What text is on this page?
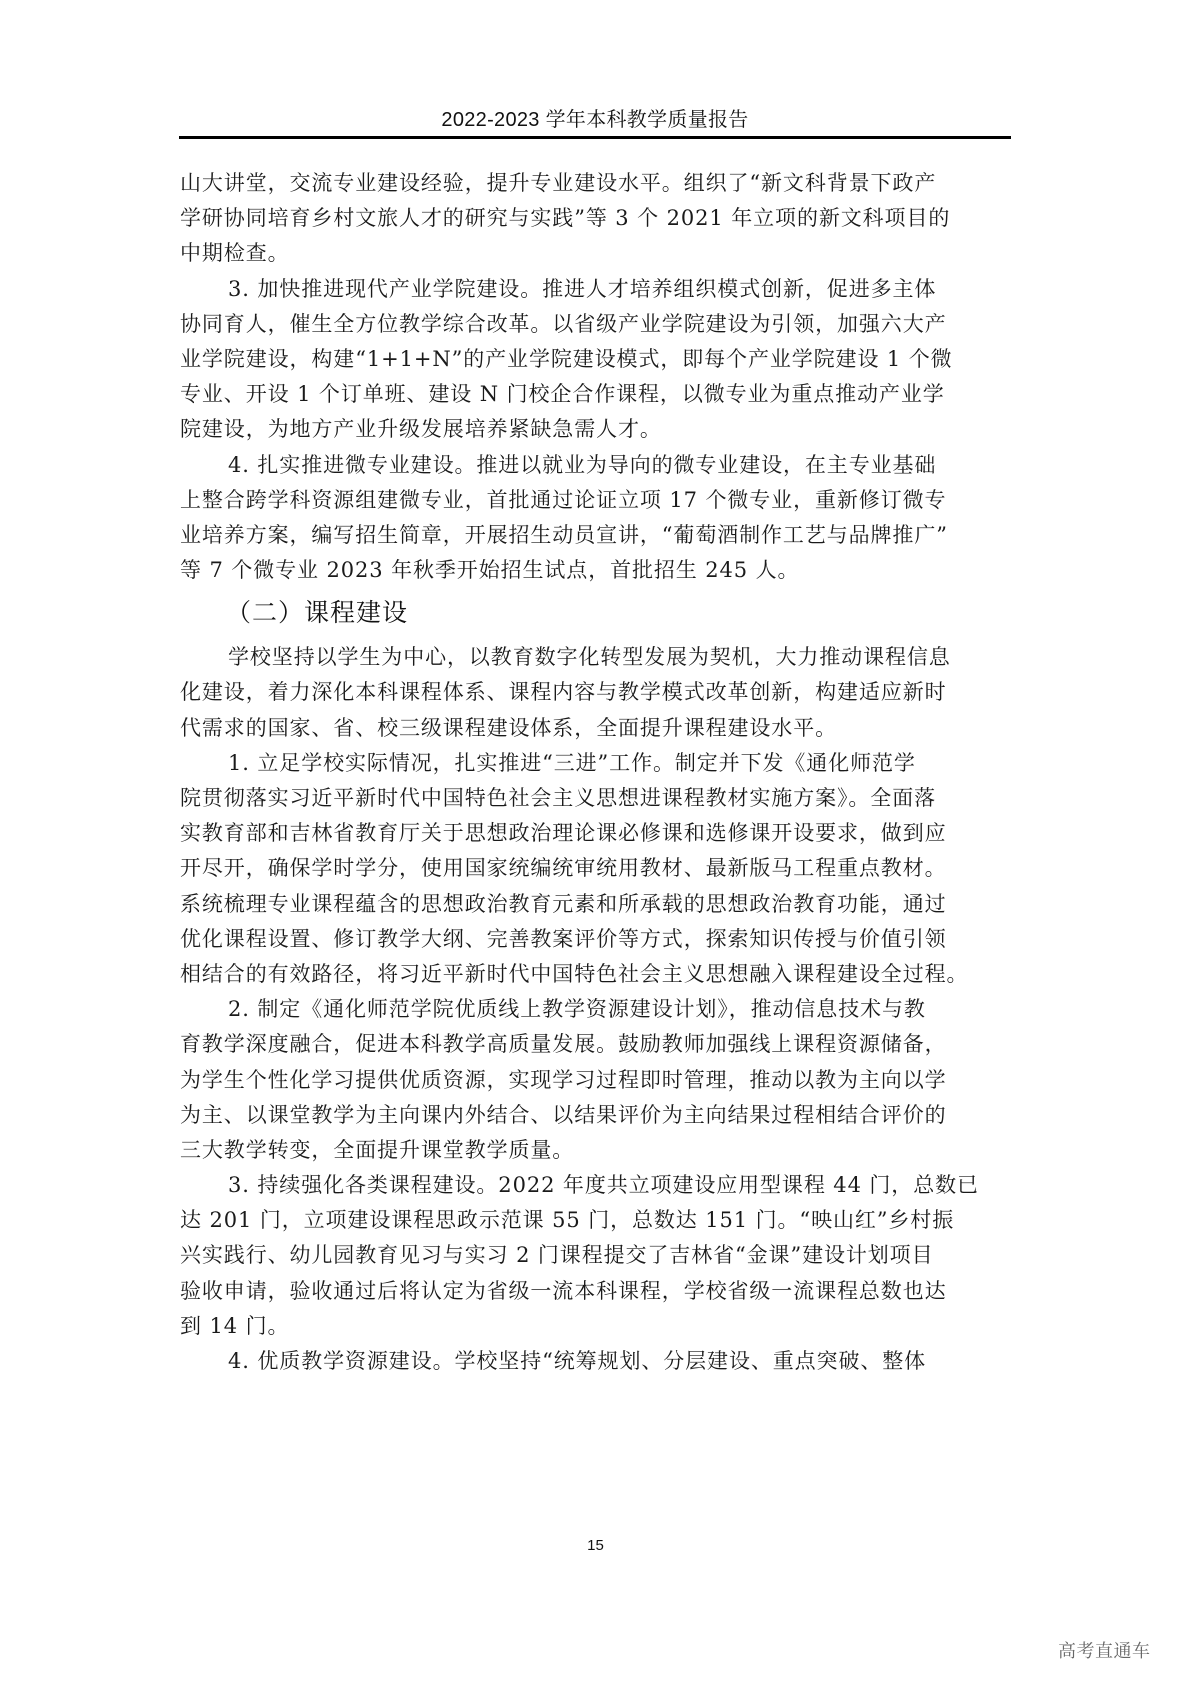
2022-2023 学年本科教学质量报告
山大讲堂，交流专业建设经验，提升专业建设水平。组织了“新文科背景下政产
学研协同培育乡村文旅人才的研究与实践”等 3 个 2021 年立项的新文科项目的
中期检查。
3. 加快推进现代产业学院建设。推进人才培养组织模式创新，促进多主体
协同育人，催生全方位教学综合改革。以省级产业学院建设为引领，加强六大产
业学院建设，构建“1+1+N”的产业学院建设模式，即每个产业学院建设 1 个微
专业、开设 1 个订单班、建设 N 门校企合作课程，以微专业为重点推动产业学
院建设，为地方产业升级发展培养紧缺急需人才。
4. 扎实推进微专业建设。推进以就业为导向的微专业建设，在主专业基础
上整合跨学科资源组建微专业，首批通过论证立项 17 个微专业，重新修订微专
业培养方案，编写招生简章，开展招生动员宣讲，“葡萄酒制作工艺与品牌推广”
等 7 个微专业 2023 年秋季开始招生试点，首批招生 245 人。
（二）课程建设
学校坚持以学生为中心，以教育数字化转型发展为契机，大力推动课程信息
化建设，着力深化本科课程体系、课程内容与教学模式改革创新，构建适应新时
代需求的国家、省、校三级课程建设体系，全面提升课程建设水平。
1. 立足学校实际情况，扎实推进“三进”工作。制定并下发《通化师范学
院贯彻落实习近平新时代中国特色社会主义思想进课程教材实施方案》。全面落
实教育部和吉林省教育厅关于思想政治理论课必修课和选修课开设要求，做到应
开尽开，确保学时学分，使用国家统编统审统用教材、最新版马工程重点教材。
系统梳理专业课程蕴含的思想政治教育元素和所承载的思想政治教育功能，通过
优化课程设置、修订教学大纲、完善教案评价等方式，探索知识传授与价值引领
相结合的有效路径，将习近平新时代中国特色社会主义思想融入课程建设全过程。
2. 制定《通化师范学院优质线上教学资源建设计划》，推动信息技术与教
育教学深度融合，促进本科教学高质量发展。鼓励教师加强线上课程资源储备，
为学生个性化学习提供优质资源，实现学习过程即时管理，推动以教为主向以学
为主、以课堂教学为主向课内外结合、以结果评价为主向结果过程相结合评价的
三大教学转变，全面提升课堂教学质量。
3. 持续强化各类课程建设。2022 年度共立项建设应用型课程 44 门，总数已
达 201 门，立项建设课程思政示范课 55 门，总数达 151 门。“映山红”乡村振
兴实践行、幼儿园教育见习与实习 2 门课程提交了吉林省“金课”建设计划项目
验收申请，验收通过后将认定为省级一流本科课程，学校省级一流课程总数也达
到 14 门。
4. 优质教学资源建设。学校坚持“统筹规划、分层建设、重点突破、整体
15
高考直通车
